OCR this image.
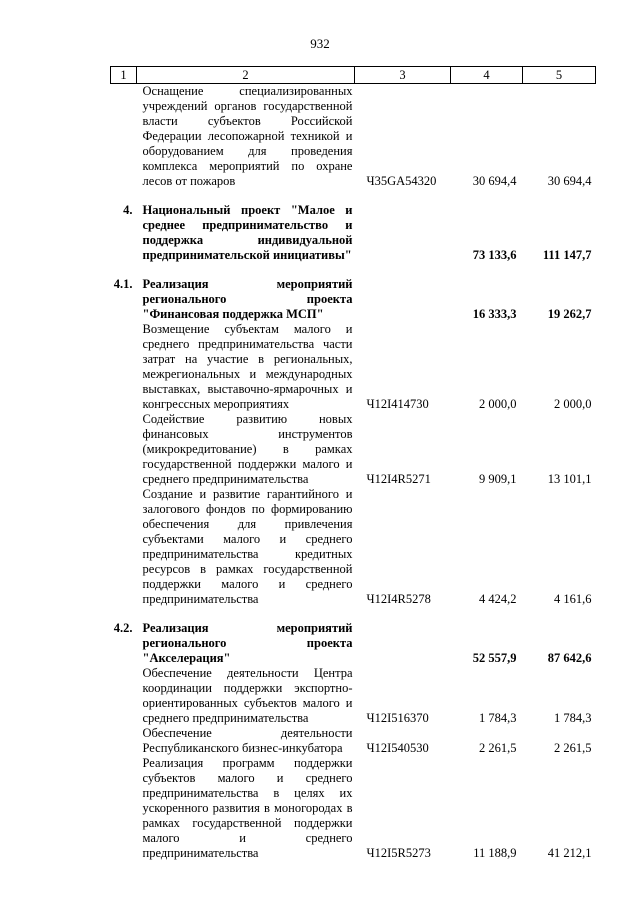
932
1	2	3	4	5
	Оснащение специализированных учреждений органов государственной власти субъектов Российской Федерации лесопожарной техникой и оборудованием для проведения комплекса мероприятий по охране лесов от пожаров	Ч35GA54320	30 694,4	30 694,4

4.	Национальный проект "Малое и среднее предпринимательство и поддержка индивидуальной предпринимательской инициативы"		73 133,6	111 147,7

4.1.	Реализация мероприятий регионального проекта "Финансовая поддержка МСП"		16 333,3	19 262,7
	Возмещение субъектам малого и среднего предпринимательства части затрат на участие в региональных, межрегиональных и международных выставках, выставочно-ярмарочных и конгрессных мероприятиях	Ч12I414730	2 000,0	2 000,0
	Содействие развитию новых финансовых инструментов (микрокредитование) в рамках государственной поддержки малого и среднего предпринимательства	Ч12I4R5271	9 909,1	13 101,1
	Создание и развитие гарантийного и залогового фондов по формированию обеспечения для привлечения субъектами малого и среднего предпринимательства кредитных ресурсов в рамках государственной поддержки малого и среднего предпринимательства	Ч12I4R5278	4 424,2	4 161,6

4.2.	Реализация мероприятий регионального проекта "Акселерация"		52 557,9	87 642,6
	Обеспечение деятельности Центра координации поддержки экспортно-ориентированных субъектов малого и среднего предпринимательства	Ч12I516370	1 784,3	1 784,3
	Обеспечение деятельности Республиканского бизнес-инкубатора	Ч12I540530	2 261,5	2 261,5
	Реализация программ поддержки субъектов малого и среднего предпринимательства в целях их ускоренного развития в моногородах в рамках государственной поддержки малого и среднего предпринимательства	Ч12I5R5273	11 188,9	41 212,1
